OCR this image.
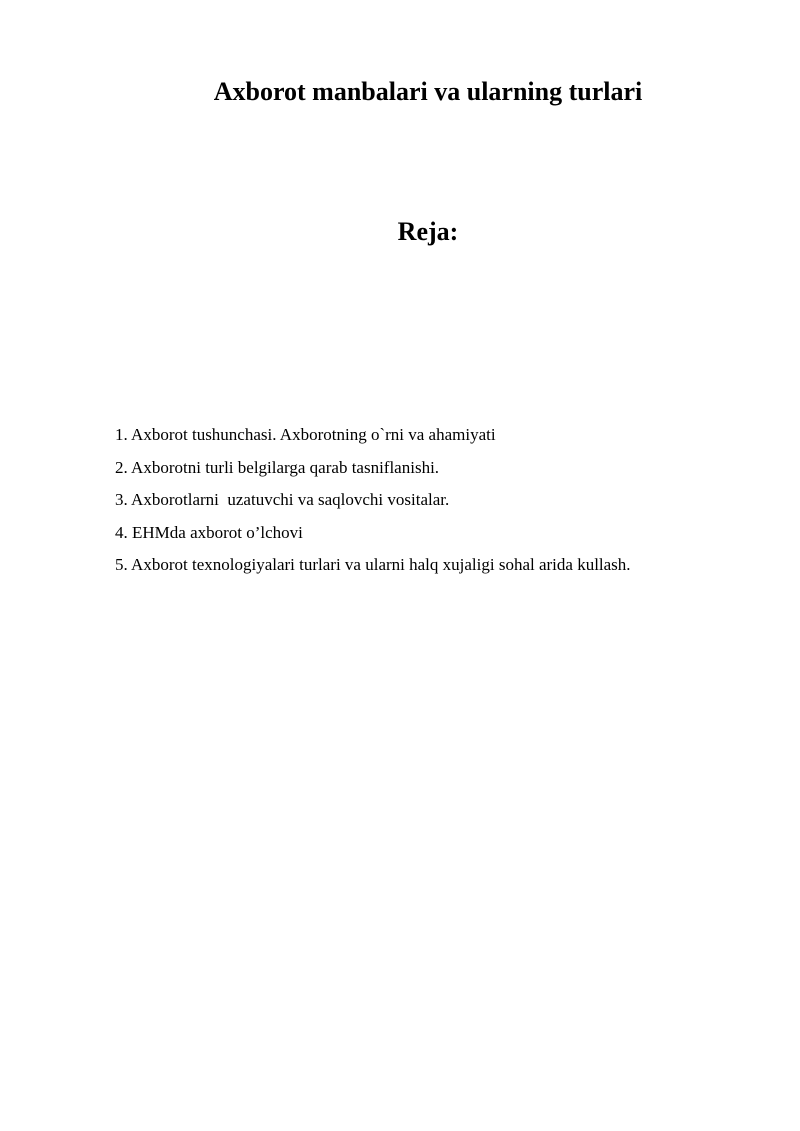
Axborot manbalari va ularning turlari
Reja:
1. Axborot tushunchasi. Axborotning o`rni va ahamiyati
2. Axborotni turli belgilarga qarab tasniflanishi.
3. Axborotlarni  uzatuvchi va saqlovchi vositalar.
4. EHMda axborot o’lchovi
5. Axborot texnologiyalari turlari va ularni halq xujaligi sohal arida kullash.
